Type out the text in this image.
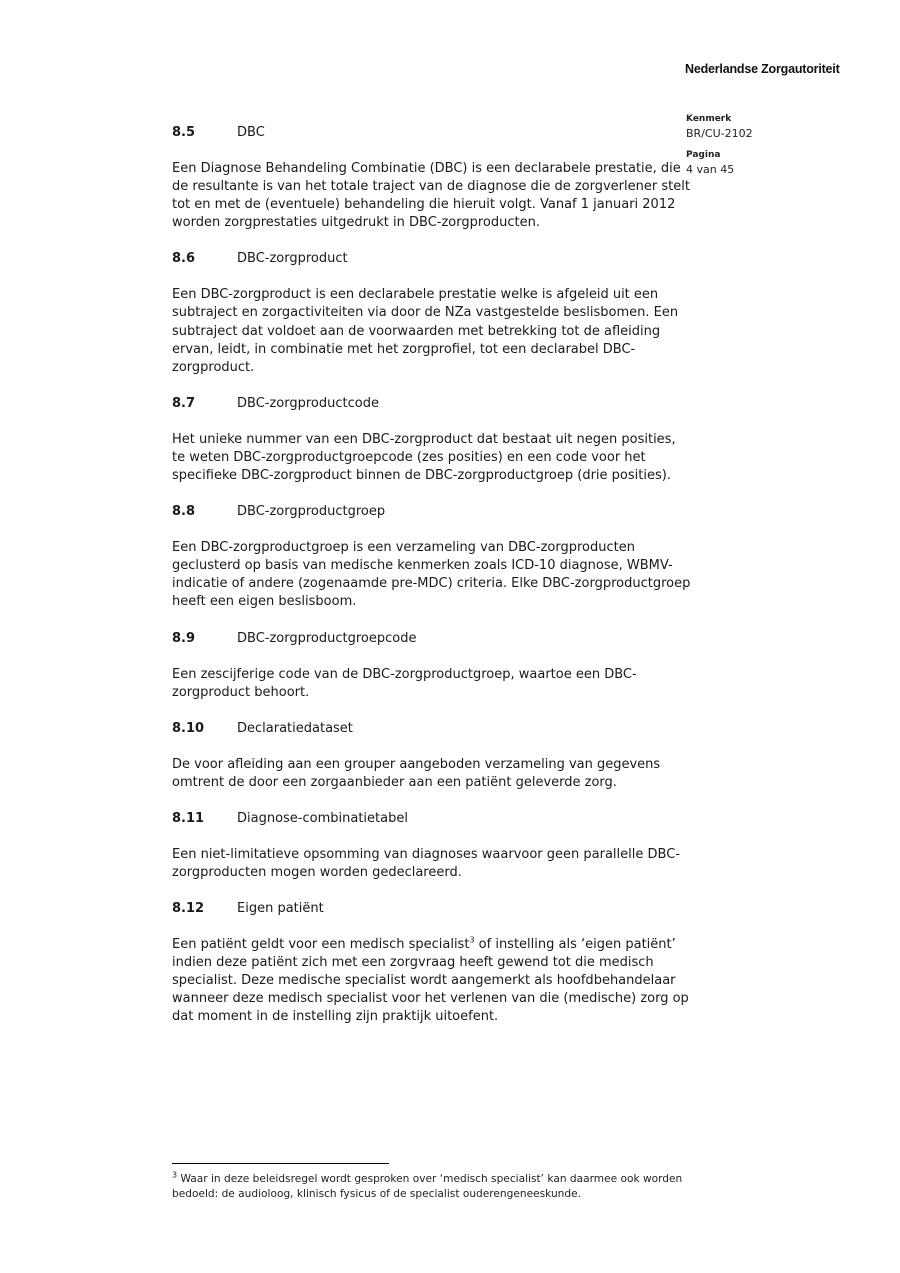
Nederlandse Zorgautoriteit
Kenmerk
BR/CU-2102
Pagina
4 van 45
8.5	DBC

Een Diagnose Behandeling Combinatie (DBC) is een declarabele prestatie, die de resultante is van het totale traject van de diagnose die de zorgverlener stelt tot en met de (eventuele) behandeling die hieruit volgt. Vanaf 1 januari 2012 worden zorgprestaties uitgedrukt in DBC-zorgproducten.

8.6	DBC-zorgproduct

Een DBC-zorgproduct is een declarabele prestatie welke is afgeleid uit een subtraject en zorgactiviteiten via door de NZa vastgestelde beslisbomen. Een subtraject dat voldoet aan de voorwaarden met betrekking tot de afleiding ervan, leidt, in combinatie met het zorgprofiel, tot een declarabel DBC-zorgproduct.

8.7	DBC-zorgproductcode

Het unieke nummer van een DBC-zorgproduct dat bestaat uit negen posities, te weten DBC-zorgproductgroepcode (zes posities) en een code voor het specifieke DBC-zorgproduct binnen de DBC-zorgproductgroep (drie posities).

8.8	DBC-zorgproductgroep

Een DBC-zorgproductgroep is een verzameling van DBC-zorgproducten geclusterd op basis van medische kenmerken zoals ICD-10 diagnose, WBMV-indicatie of andere (zogenaamde pre-MDC) criteria. Elke DBC-zorgproductgroep heeft een eigen beslisboom.

8.9	DBC-zorgproductgroepcode

Een zescijferige code van de DBC-zorgproductgroep, waartoe een DBC-zorgproduct behoort.

8.10	Declaratiedataset

De voor afleiding aan een grouper aangeboden verzameling van gegevens omtrent de door een zorgaanbieder aan een patiënt geleverde zorg.

8.11	Diagnose-combinatietabel

Een niet-limitatieve opsomming van diagnoses waarvoor geen parallelle DBC-zorgproducten mogen worden gedeclareerd.

8.12	Eigen patiënt

Een patiënt geldt voor een medisch specialist$^3$ of instelling als ‘eigen patiënt’ indien deze patiënt zich met een zorgvraag heeft gewend tot die medisch specialist. Deze medische specialist wordt aangemerkt als hoofdbehandelaar wanneer deze medisch specialist voor het verlenen van die (medische) zorg op dat moment in de instelling zijn praktijk uitoefent.

$^3$ Waar in deze beleidsregel wordt gesproken over ‘medisch specialist’ kan daarmee ook worden bedoeld: de audioloog, klinisch fysicus of de specialist ouderengeneeskunde.
